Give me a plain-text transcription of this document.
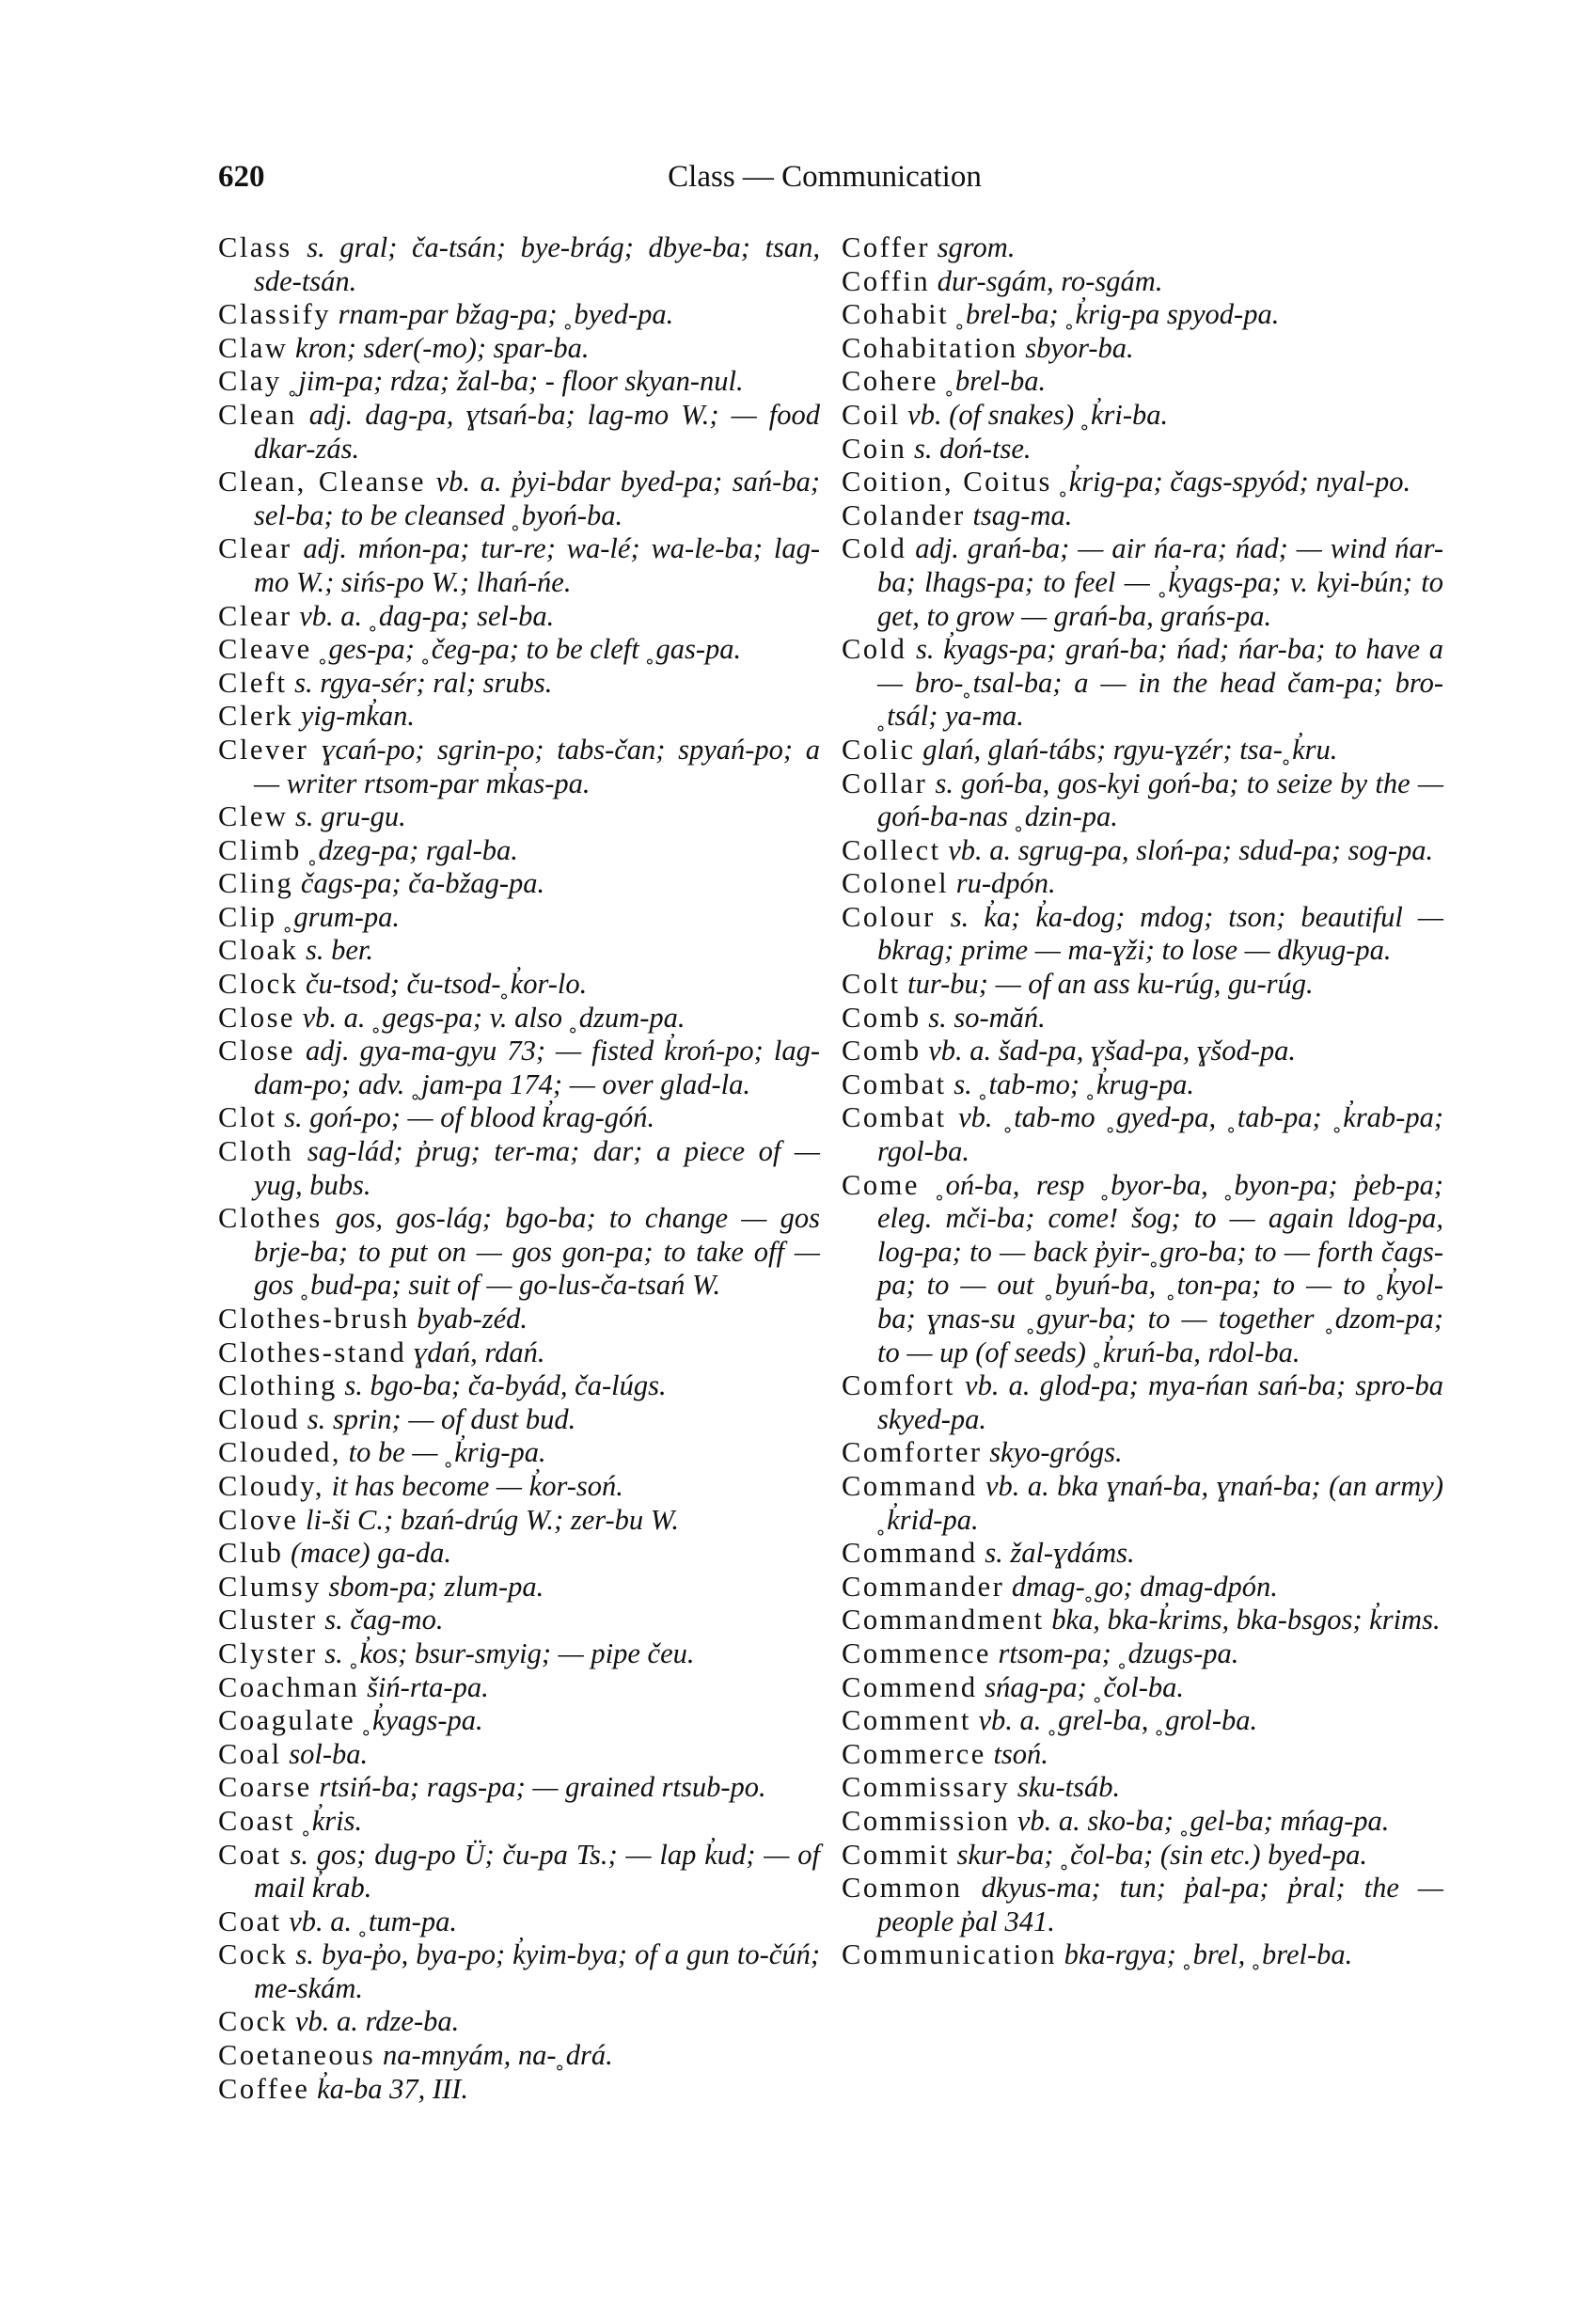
620	Class — Communication

Class s. gral; ča-tsán; bye-brág; dbye-ba; tsan, sde-tsán.

Classify rnam-par bžag-pa; ˳byed-pa.

Claw kron; sder(-mo); spar-ba.

Clay ˳jim-pa; rdza; žal-ba; - floor skyan-nul.

Clean adj. dag-pa, ɣtsań-ba; lag-mo W.; — food dkar-zás.

Clean, Cleanse vb. a. p̓yi-bdar byed-pa; sań-ba; sel-ba; to be cleansed ˳byoń-ba.

Clear adj. mńon-pa; tur-re; wa-lé; wa-le-ba; lag-mo W.; sińs-po W.; lhań-ńe.

Clear vb. a. ˳dag-pa; sel-ba.

Cleave ˳ges-pa; ˳čeg-pa; to be cleft ˳gas-pa.

Cleft s. rgya-sér; ral; srubs.

Clerk yig-mk̓an.

Clever ɣcań-po; sgrin-po; tabs-čan; spyań-po; a — writer rtsom-par mk̓as-pa.

Clew s. gru-gu.

Climb ˳dzeg-pa; rgal-ba.

Cling čags-pa; ča-bžag-pa.

Clip ˳grum-pa.

Cloak s. ber.

Clock ču-tsod; ču-tsod-˳k̓or-lo.

Close vb. a. ˳gegs-pa; v. also ˳dzum-pa.

Close adj. gya-ma-gyu 73; — fisted k̓roń-po; lag-dam-po; adv. ˳jam-pa 174; — over glad-la.

Clot s. goń-po; — of blood k̓rag-góń.

Cloth sag-lád; p̓rug; ter-ma; dar; a piece of — yug, bubs.

Clothes gos, gos-lág; bgo-ba; to change — gos brje-ba; to put on — gos gon-pa; to take off — gos ˳bud-pa; suit of — go-lus-ča-tsań W.

Clothes-brush byab-zéd.

Clothes-stand ɣdań, rdań.

Clothing s. bgo-ba; ča-byád, ča-lúgs.

Cloud s. sprin; — of dust bud.

Clouded, to be — ˳k̓rig-pa.

Cloudy, it has become — k̓or-soń.

Clove li-ši C.; bzań-drúg W.; zer-bu W.

Club (mace) ga-da.

Clumsy sbom-pa; zlum-pa.

Cluster s. čag-mo.

Clyster s. ˳k̓os; bsur-smyig; — pipe čeu.

Coachman šiń-rta-pa.

Coagulate ˳k̓yags-pa.

Coal sol-ba.

Coarse rtsiń-ba; rags-pa; — grained rtsub-po.

Coast ˳k̓ris.

Coat s. gos; dug-po Ü; ču-pa Ts.; — lap k̓ud; — of mail k̓rab.

Coat vb. a. ˳tum-pa.

Cock s. bya-p̓o, bya-po; k̓yim-bya; of a gun to-čúń; me-skám.

Cock vb. a. rdze-ba.

Coetaneous na-mnyám, na-˳drá.

Coffee k̓a-ba 37, III.

Coffer sgrom.

Coffin dur-sgám, ro-sgám.

Cohabit ˳brel-ba; ˳k̓rig-pa spyod-pa.

Cohabitation sbyor-ba.

Cohere ˳brel-ba.

Coil vb. (of snakes) ˳k̓ri-ba.

Coin s. doń-tse.

Coition, Coitus ˳k̓rig-pa; čags-spyód; nyal-po.

Colander tsag-ma.

Cold adj. grań-ba; — air ńa-ra; ńad; — wind ńar-ba; lhags-pa; to feel — ˳k̓yags-pa; v. kyi-bún; to get, to grow — grań-ba, grańs-pa.

Cold s. k̓yags-pa; grań-ba; ńad; ńar-ba; to have a — bro-˳tsal-ba; a — in the head čam-pa; bro-˳tsál; ya-ma.

Colic glań, glań-tábs; rgyu-ɣzér; tsa-˳k̓ru.

Collar s. goń-ba, gos-kyi goń-ba; to seize by the — goń-ba-nas ˳dzin-pa.

Collect vb. a. sgrug-pa, sloń-pa; sdud-pa; sog-pa.

Colonel ru-dpón.

Colour s. k̓a; k̓a-dog; mdog; tson; beautiful — bkrag; prime — ma-ɣži; to lose — dkyug-pa.

Colt tur-bu; — of an ass ku-rúg, gu-rúg.

Comb s. so-măń.

Comb vb. a. šad-pa, ɣšad-pa, ɣšod-pa.

Combat s. ˳tab-mo; ˳k̓rug-pa.

Combat vb. ˳tab-mo ˳gyed-pa, ˳tab-pa; ˳k̓rab-pa; rgol-ba.

Come ˳oń-ba, resp ˳byor-ba, ˳byon-pa; p̓eb-pa; eleg. mči-ba; come! šog; to — again ldog-pa, log-pa; to — back p̓yir-˳gro-ba; to — forth čags-pa; to — out ˳byuń-ba, ˳ton-pa; to — to ˳k̓yol-ba; ɣnas-su ˳gyur-ba; to — together ˳dzom-pa; to — up (of seeds) ˳k̓ruń-ba, rdol-ba.

Comfort vb. a. glod-pa; mya-ńan sań-ba; spro-ba skyed-pa.

Comforter skyo-grógs.

Command vb. a. bka ɣnań-ba, ɣnań-ba; (an army) ˳k̓rid-pa.

Command s. žal-ɣdáms.

Commander dmag-˳go; dmag-dpón.

Commandment bka, bka-k̓rims, bka-bsgos; k̓rims.

Commence rtsom-pa; ˳dzugs-pa.

Commend sńag-pa; ˳čol-ba.

Comment vb. a. ˳grel-ba, ˳grol-ba.

Commerce tsoń.

Commissary sku-tsáb.

Commission vb. a. sko-ba; ˳gel-ba; mńag-pa.

Commit skur-ba; ˳čol-ba; (sin etc.) byed-pa.

Common dkyus-ma; tun; p̓al-pa; p̓ral; the — people p̓al 341.

Communication bka-rgya; ˳brel, ˳brel-ba.
